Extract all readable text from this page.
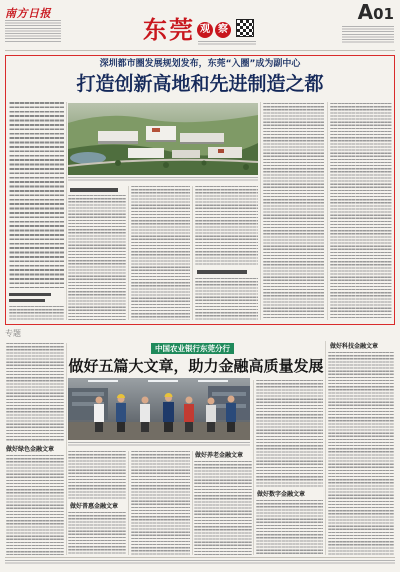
南方日报
东莞 观 察
A01
深圳都市圈发展规划发布，东莞“入圈”成为副中心
打造创新高地和先进制造之都
专题
中国农业银行东莞分行
做好五篇大文章，助力金融高质量发展
做好科技金融文章
做好数字金融文章
做好绿色金融文章
做好普惠金融文章
做好养老金融文章
